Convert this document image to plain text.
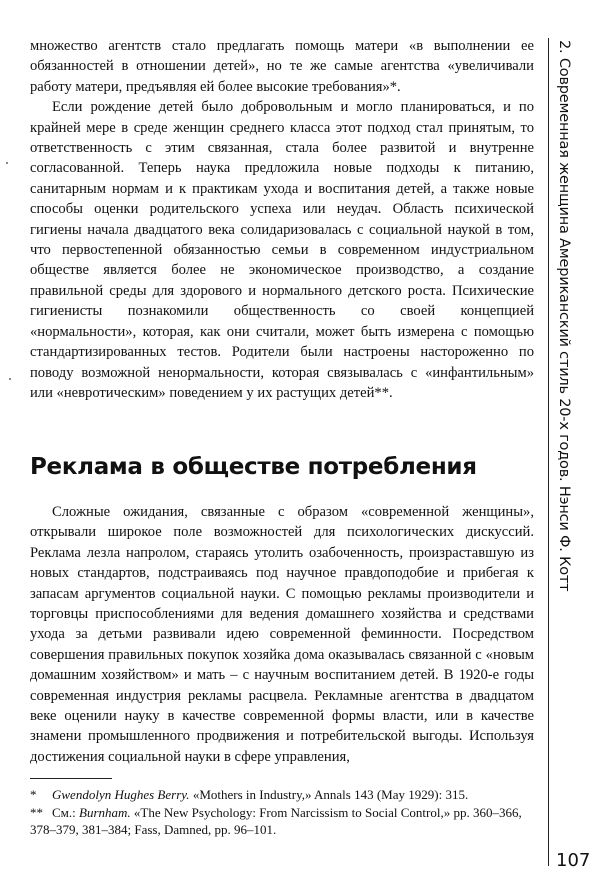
множество агентств стало предлагать помощь матери «в выполнении ее обязанностей в отношении детей», но те же самые агентства «увеличивали работу матери, предъявляя ей более высокие требования»*.

Если рождение детей было добровольным и могло планироваться, и по крайней мере в среде женщин среднего класса этот подход стал принятым, то ответственность с этим связанная, стала более развитой и внутренне согласованной. Теперь наука предложила новые подходы к питанию, санитарным нормам и к практикам ухода и воспитания детей, а также новые способы оценки родительского успеха или неудач. Область психической гигиены начала двадцатого века солидаризовалась с социальной наукой в том, что первостепенной обязанностью семьи в современном индустриальном обществе является более не экономическое производство, а создание правильной среды для здорового и нормального детского роста. Психические гигиенисты познакомили общественность со своей концепцией «нормальности», которая, как они считали, может быть измерена с помощью стандартизированных тестов. Родители были настроены настороженно по поводу возможной ненормальности, которая связывалась с «инфантильным» или «невротическим» поведением у их растущих детей**.

Реклама в обществе потребления

Сложные ожидания, связанные с образом «современной женщины», открывали широкое поле возможностей для психологических дискуссий. Реклама лезла напролом, стараясь утолить озабоченность, произраставшую из новых стандартов, подстраиваясь под научное правдоподобие и прибегая к запасам аргументов социальной науки. С помощью рекламы производители и торговцы приспособлениями для ведения домашнего хозяйства и средствами ухода за детьми развивали идею современной феминности. Посредством совершения правильных покупок хозяйка дома оказывалась связанной с «новым домашним хозяйством» и мать – с научным воспитанием детей. В 1920-е годы современная индустрия рекламы расцвела. Рекламные агентства в двадцатом веке оценили науку в качестве современной формы власти, или в качестве знамени промышленного продвижения и потребительской выгоды. Используя достижения социальной науки в сфере управления,

* Gwendolyn Hughes Berry. «Mothers in Industry,» Annals 143 (May 1929): 315.

** См.: Burnham. «The New Psychology: From Narcissism to Social Control,» pp. 360–366, 378–379, 381–384; Fass, Damned, pp. 96–101.

2. Современная женщина Американский стиль 20-х годов. Нэнси Ф. Котт
107
